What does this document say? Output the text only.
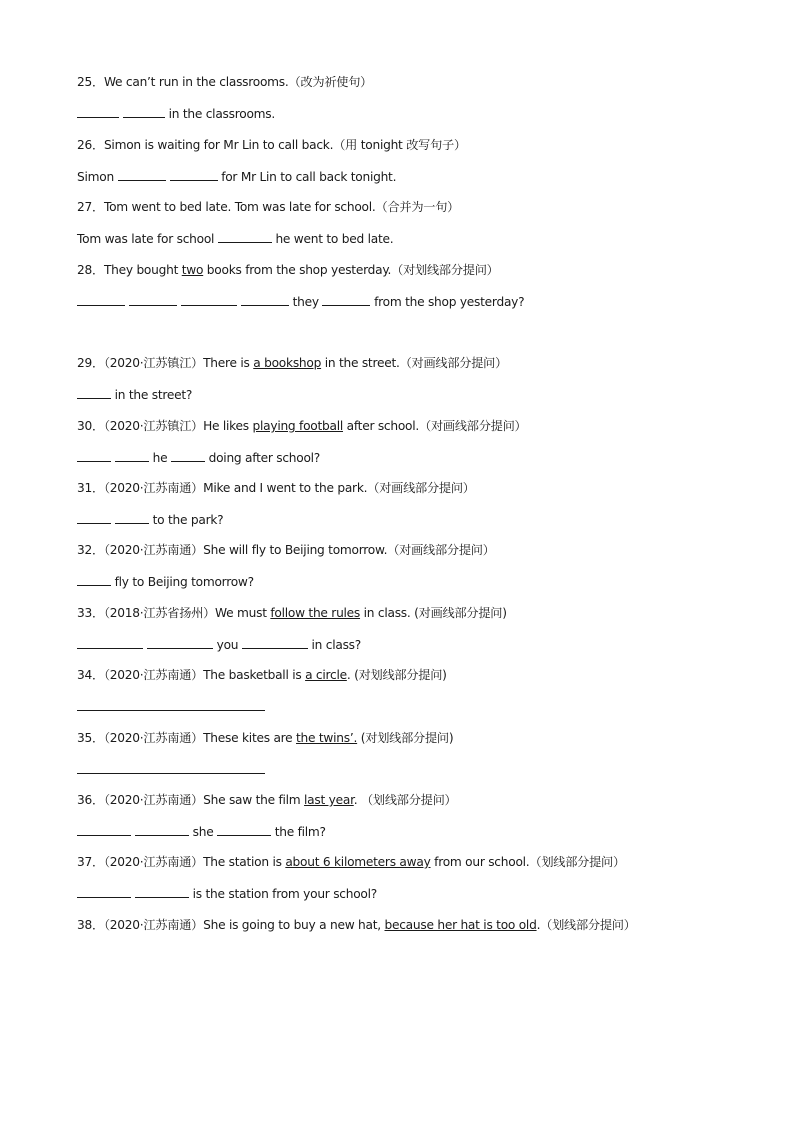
25．We can’t run in the classrooms.（改为祈使句）
in the classrooms.
26．Simon is waiting for Mr Lin to call back.（用 tonight 改写句子）
Simon	for Mr Lin to call back tonight.
27．Tom went to bed late. Tom was late for school.（合并为一句）
Tom was late for school	he went to bed late.
28．They bought two books from the shop yesterday.（对划线部分提问）
they	from the shop yesterday?
29．（2020·江苏镇江）There is a bookshop in the street.（对画线部分提问）
in the street?
30．（2020·江苏镇江）He likes playing football after school.（对画线部分提问）
he	doing after school?
31．（2020·江苏南通）Mike and I went to the park.（对画线部分提问）
to the park?
32．（2020·江苏南通）She will fly to Beijing tomorrow.（对画线部分提问）
fly to Beijing tomorrow?
33．（2018·江苏省扬州）We must follow the rules in class. (对画线部分提问)
you	in class?
34．（2020·江苏南通）The basketball is a circle. (对划线部分提问)
35．（2020·江苏南通）These kites are the twins’. (对划线部分提问)
36．（2020·江苏南通）She saw the film last year. （划线部分提问）
she	the film?
37．（2020·江苏南通）The station is about 6 kilometers away from our school.（划线部分提问）
is the station from your school?
38．（2020·江苏南通）She is going to buy a new hat, because her hat is too old.（划线部分提问）
